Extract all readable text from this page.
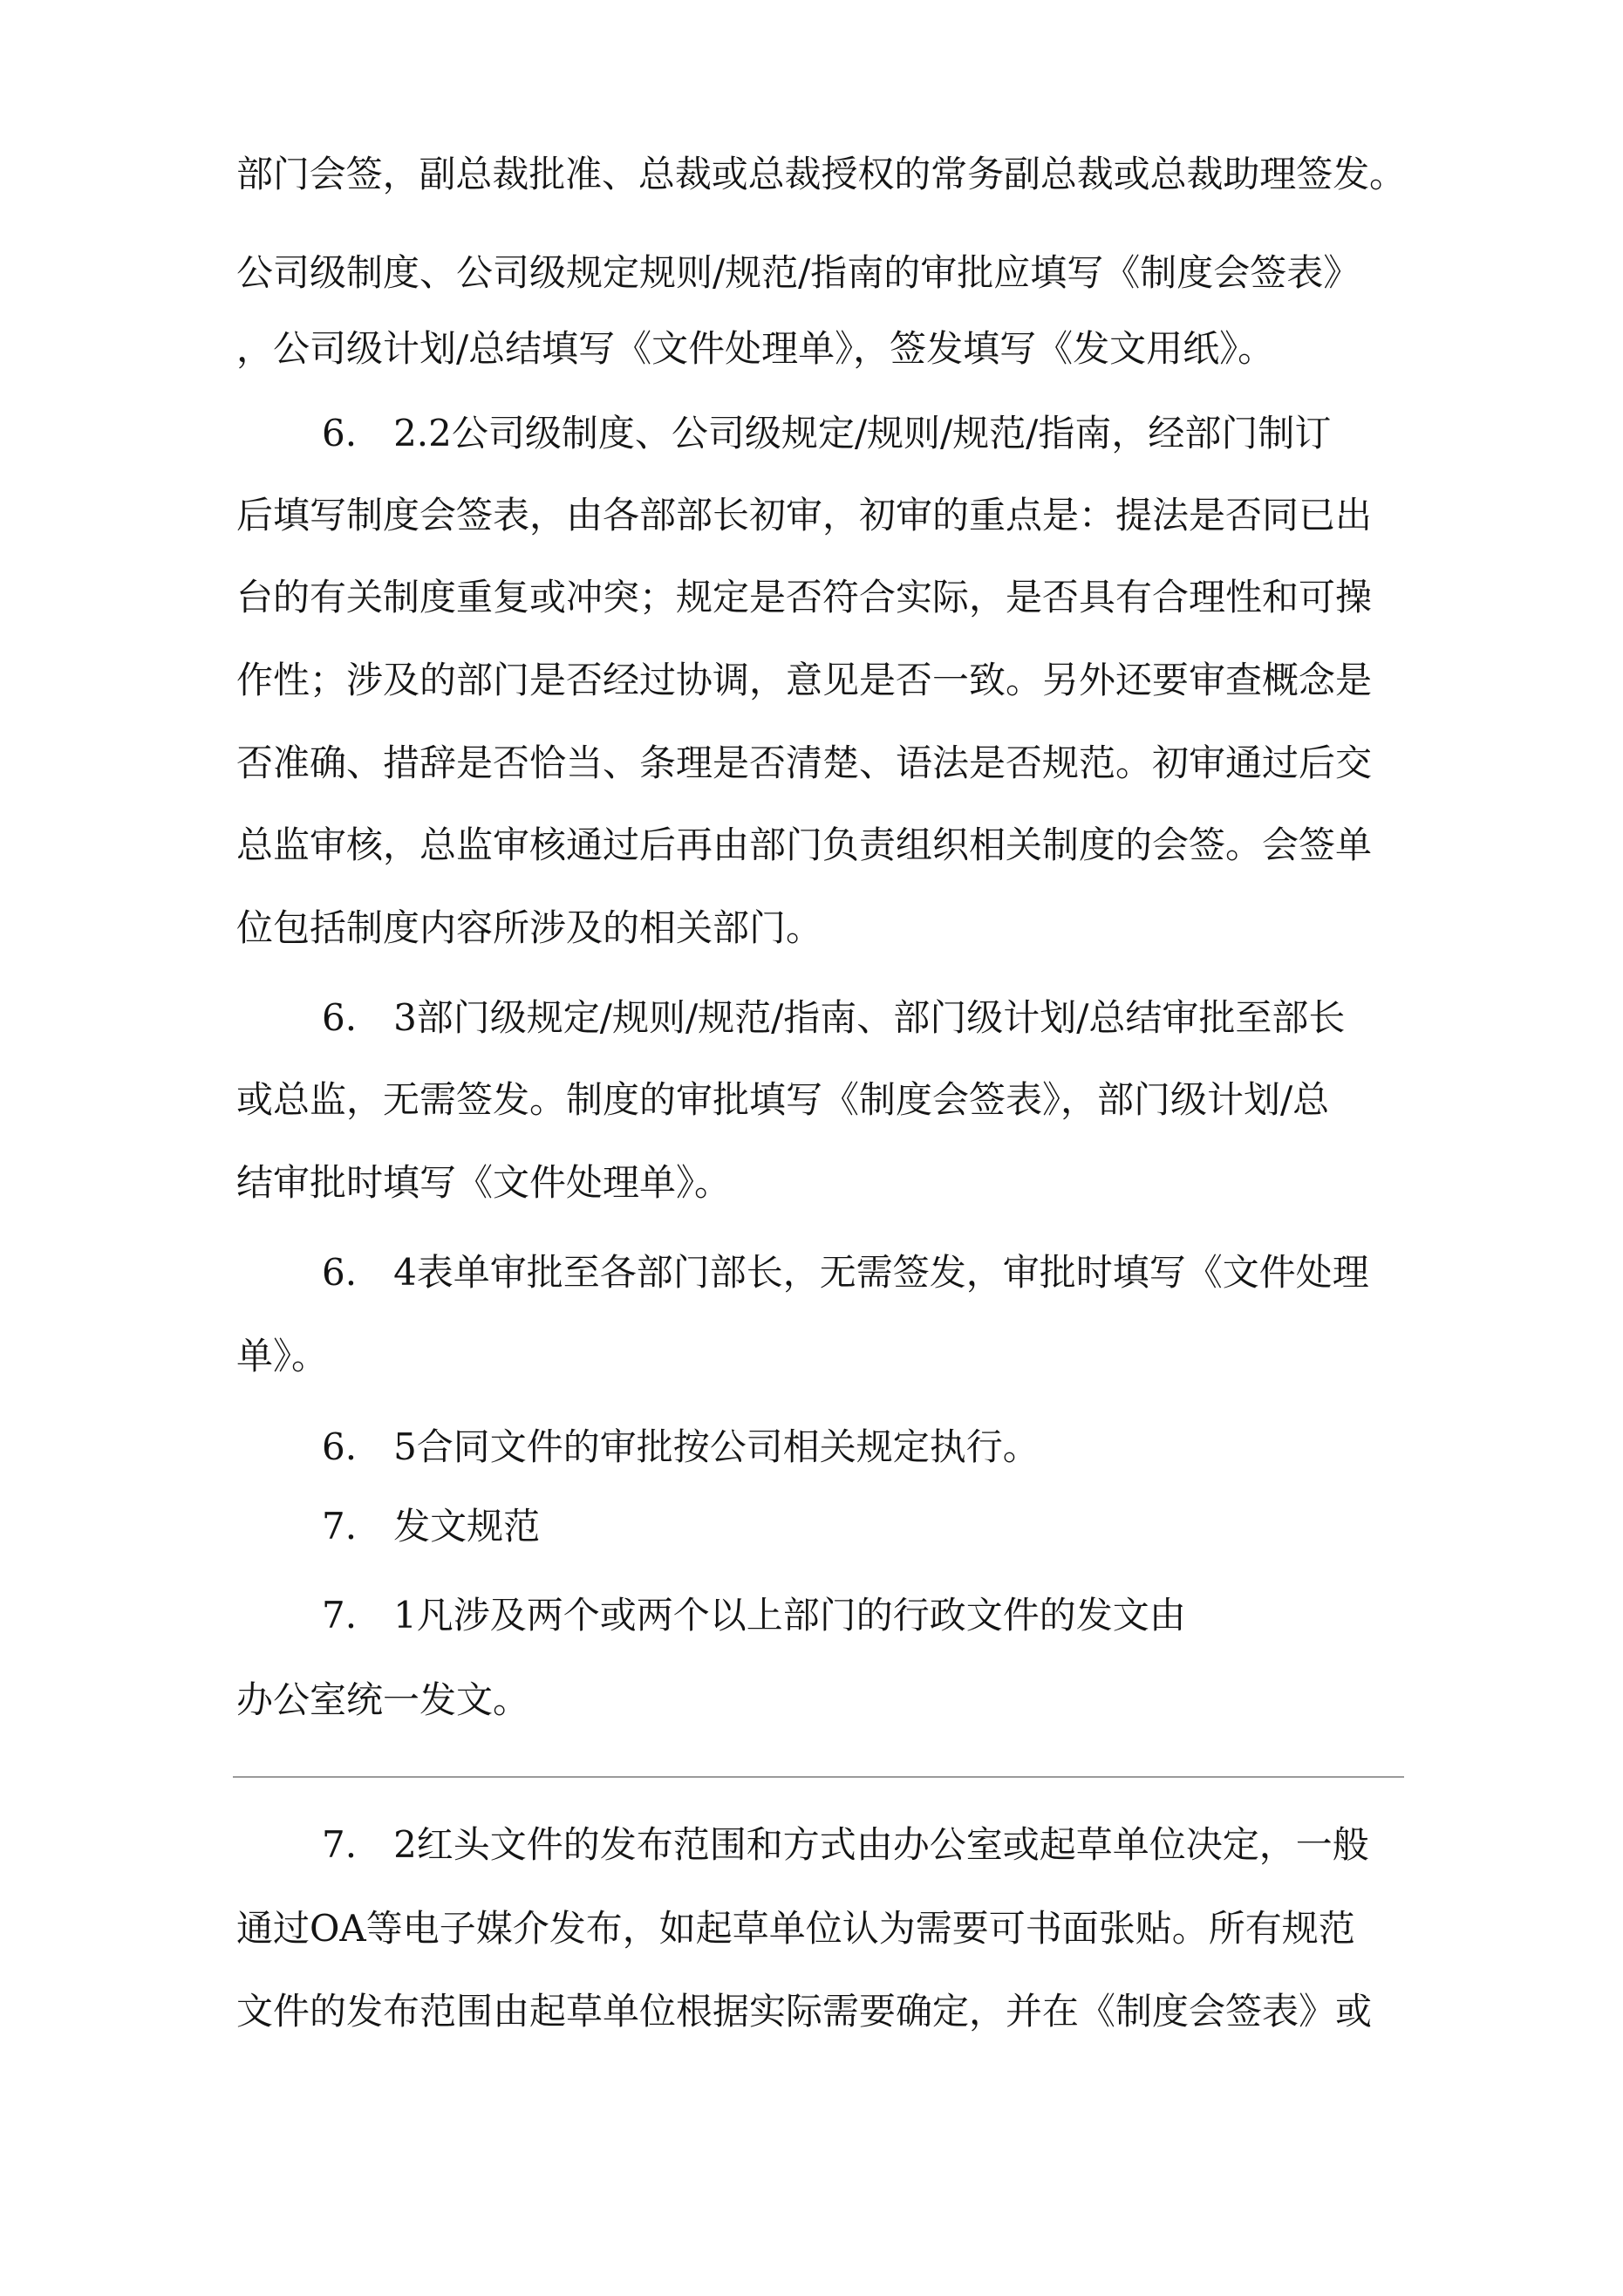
部门会签，副总裁批准、总裁或总裁授权的常务副总裁或总裁助理签发。
公司级制度、公司级规定规则/规范/指南的审批应填写《制度会签表》
，公司级计划/总结填写《文件处理单》，签发填写《发文用纸》。
6.　2.2公司级制度、公司级规定/规则/规范/指南，经部门制订
后填写制度会签表，由各部部长初审，初审的重点是：提法是否同已出
台的有关制度重复或冲突；规定是否符合实际，是否具有合理性和可操
作性；涉及的部门是否经过协调，意见是否一致。另外还要审查概念是
否准确、措辞是否恰当、条理是否清楚、语法是否规范。初审通过后交
总监审核，总监审核通过后再由部门负责组织相关制度的会签。会签单
位包括制度内容所涉及的相关部门。
6.　3部门级规定/规则/规范/指南、部门级计划/总结审批至部长
或总监，无需签发。制度的审批填写《制度会签表》，部门级计划/总
结审批时填写《文件处理单》。
6.　4表单审批至各部门部长，无需签发，审批时填写《文件处理
单》。
6.　5合同文件的审批按公司相关规定执行。
7.　发文规范
7.　1凡涉及两个或两个以上部门的行政文件的发文由
办公室统一发文。
7.　2红头文件的发布范围和方式由办公室或起草单位决定，一般
通过OA等电子媒介发布，如起草单位认为需要可书面张贴。所有规范
文件的发布范围由起草单位根据实际需要确定，并在《制度会签表》或
